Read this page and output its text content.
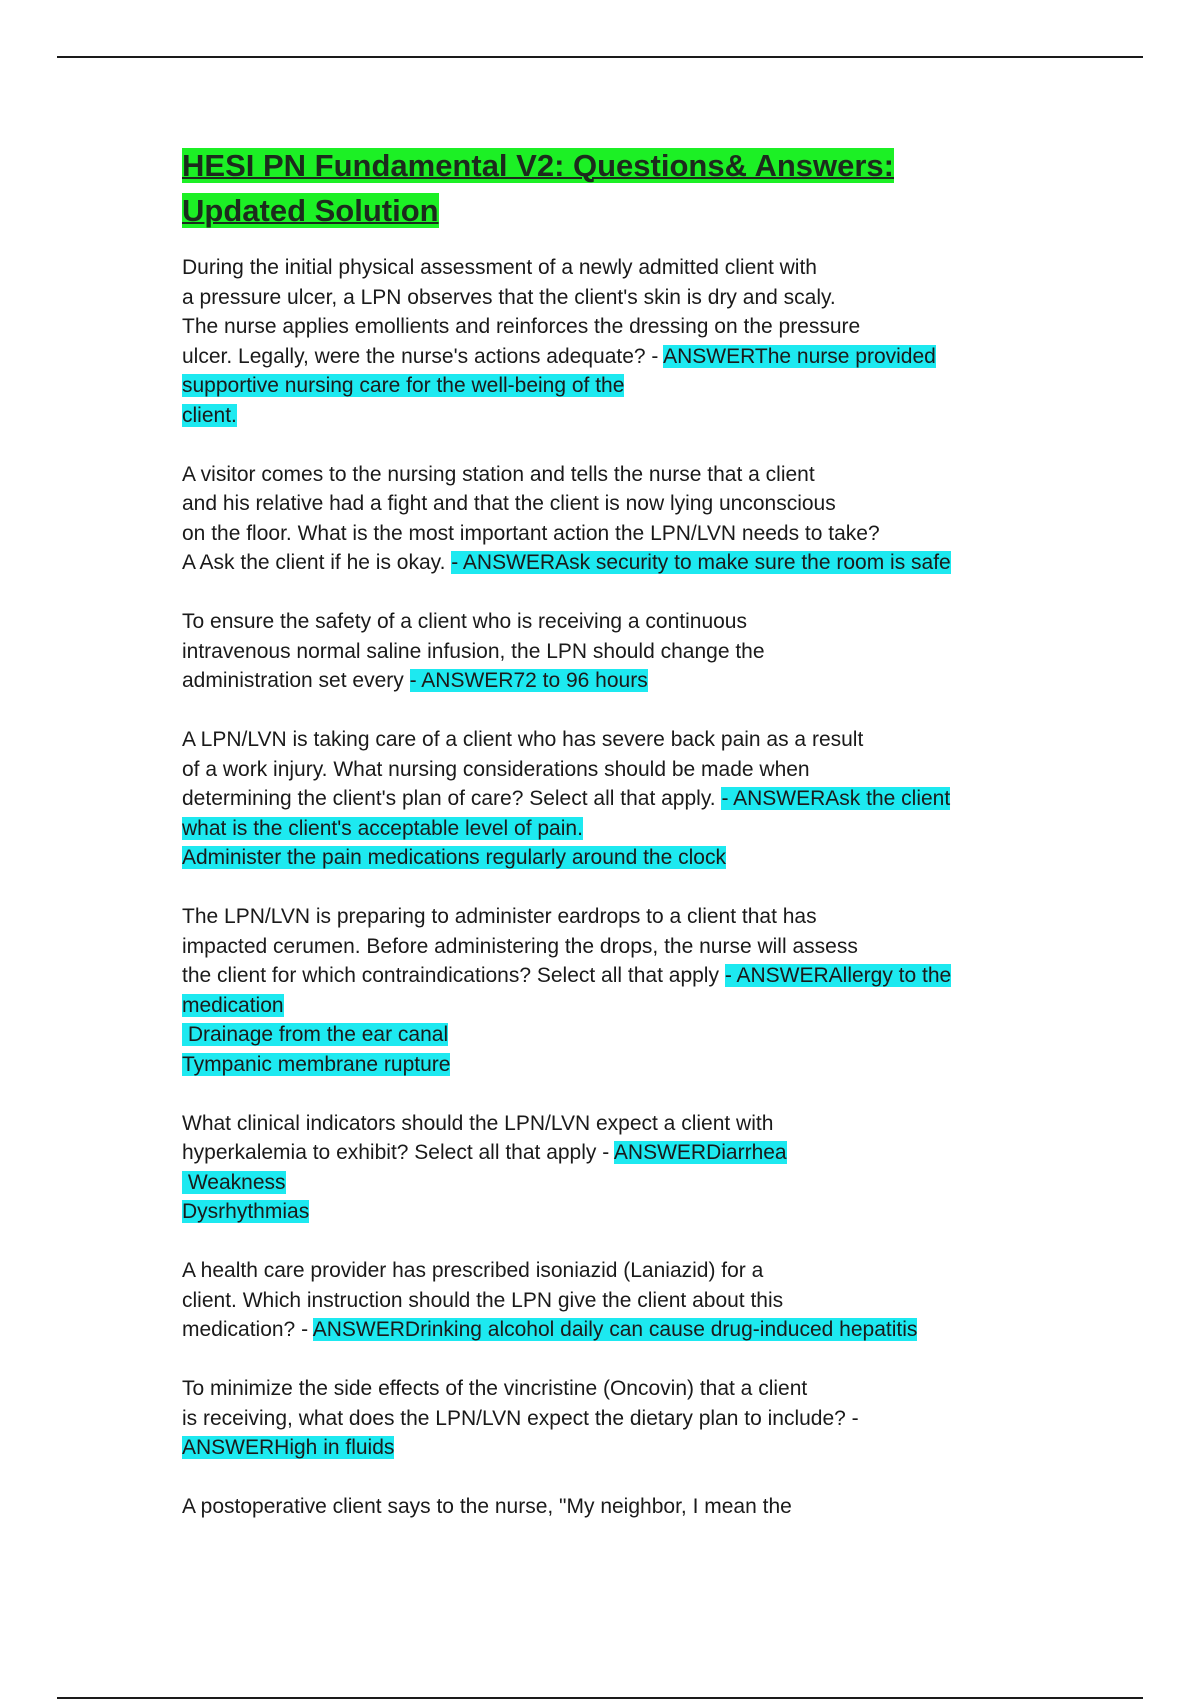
HESI PN Fundamental V2: Questions& Answers:
Updated Solution
During the initial physical assessment of a newly admitted client with
a pressure ulcer, a LPN observes that the client's skin is dry and scaly.
The nurse applies emollients and reinforces the dressing on the pressure
ulcer. Legally, were the nurse's actions adequate? - ANSWERThe nurse provided
supportive nursing care for the well-being of the
client.
A visitor comes to the nursing station and tells the nurse that a client
and his relative had a fight and that the client is now lying unconscious
on the floor. What is the most important action the LPN/LVN needs to take?
A Ask the client if he is okay. - ANSWERAsk security to make sure the room is safe
To ensure the safety of a client who is receiving a continuous
intravenous normal saline infusion, the LPN should change the
administration set every - ANSWER72 to 96 hours
A LPN/LVN is taking care of a client who has severe back pain as a result
of a work injury. What nursing considerations should be made when
determining the client's plan of care? Select all that apply. - ANSWERAsk the client
what is the client's acceptable level of pain.
Administer the pain medications regularly around the clock
The LPN/LVN is preparing to administer eardrops to a client that has
impacted cerumen. Before administering the drops, the nurse will assess
the client for which contraindications? Select all that apply - ANSWERAllergy to the
medication
Drainage from the ear canal
Tympanic membrane rupture
What clinical indicators should the LPN/LVN expect a client with
hyperkalemia to exhibit? Select all that apply - ANSWERDiarrhea
Weakness
Dysrhythmias
A health care provider has prescribed isoniazid (Laniazid) for a
client. Which instruction should the LPN give the client about this
medication? - ANSWERDrinking alcohol daily can cause drug-induced hepatitis
To minimize the side effects of the vincristine (Oncovin) that a client
is receiving, what does the LPN/LVN expect the dietary plan to include? -
ANSWERHigh in fluids
A postoperative client says to the nurse, "My neighbor, I mean the
